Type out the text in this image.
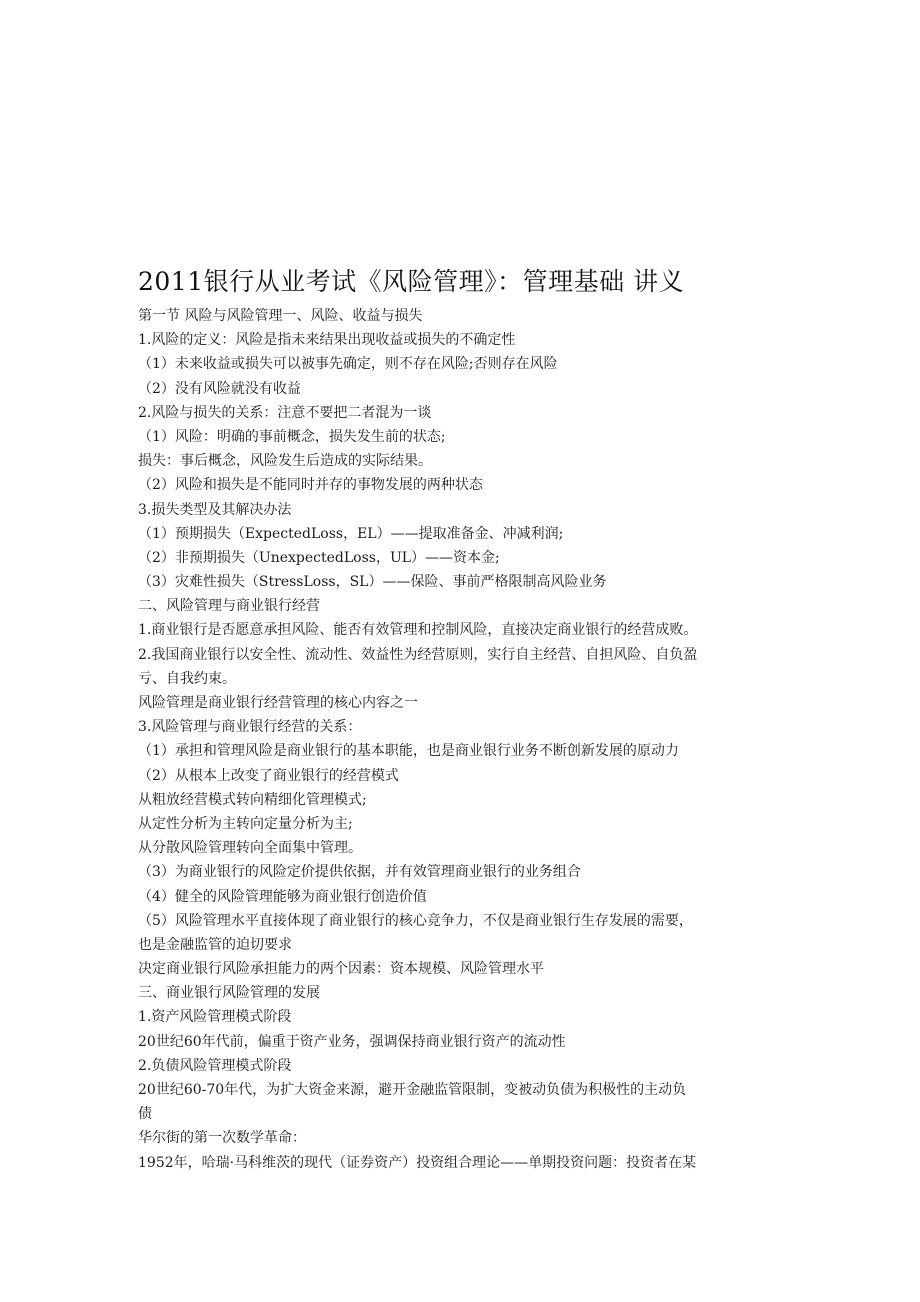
2011银行从业考试《风险管理》：管理基础 讲义

第一节 风险与风险管理一、风险、收益与损失

1.风险的定义：风险是指未来结果出现收益或损失的不确定性

（1）未来收益或损失可以被事先确定，则不存在风险;否则存在风险

（2）没有风险就没有收益

2.风险与损失的关系：注意不要把二者混为一谈

（1）风险：明确的事前概念，损失发生前的状态;

损失：事后概念，风险发生后造成的实际结果。

（2）风险和损失是不能同时并存的事物发展的两种状态

3.损失类型及其解决办法

（1）预期损失（ExpectedLoss，EL）——提取准备金、冲减利润;

（2）非预期损失（UnexpectedLoss，UL）——资本金;

（3）灾难性损失（StressLoss，SL）——保险、事前严格限制高风险业务

二、风险管理与商业银行经营

1.商业银行是否愿意承担风险、能否有效管理和控制风险，直接决定商业银行的经营成败。

2.我国商业银行以安全性、流动性、效益性为经营原则，实行自主经营、自担风险、自负盈

亏、自我约束。

风险管理是商业银行经营管理的核心内容之一

3.风险管理与商业银行经营的关系：

（1）承担和管理风险是商业银行的基本职能，也是商业银行业务不断创新发展的原动力

（2）从根本上改变了商业银行的经营模式

从粗放经营模式转向精细化管理模式;

从定性分析为主转向定量分析为主;

从分散风险管理转向全面集中管理。

（3）为商业银行的风险定价提供依据，并有效管理商业银行的业务组合

（4）健全的风险管理能够为商业银行创造价值

（5）风险管理水平直接体现了商业银行的核心竞争力，不仅是商业银行生存发展的需要，

也是金融监管的迫切要求

决定商业银行风险承担能力的两个因素：资本规模、风险管理水平

三、商业银行风险管理的发展

1.资产风险管理模式阶段

20世纪60年代前，偏重于资产业务，强调保持商业银行资产的流动性

2.负债风险管理模式阶段

20世纪60-70年代，为扩大资金来源，避开金融监管限制，变被动负债为积极性的主动负

债

华尔街的第一次数学革命：

1952年，哈瑞·马科维茨的现代（证券资产）投资组合理论——单期投资问题：投资者在某
